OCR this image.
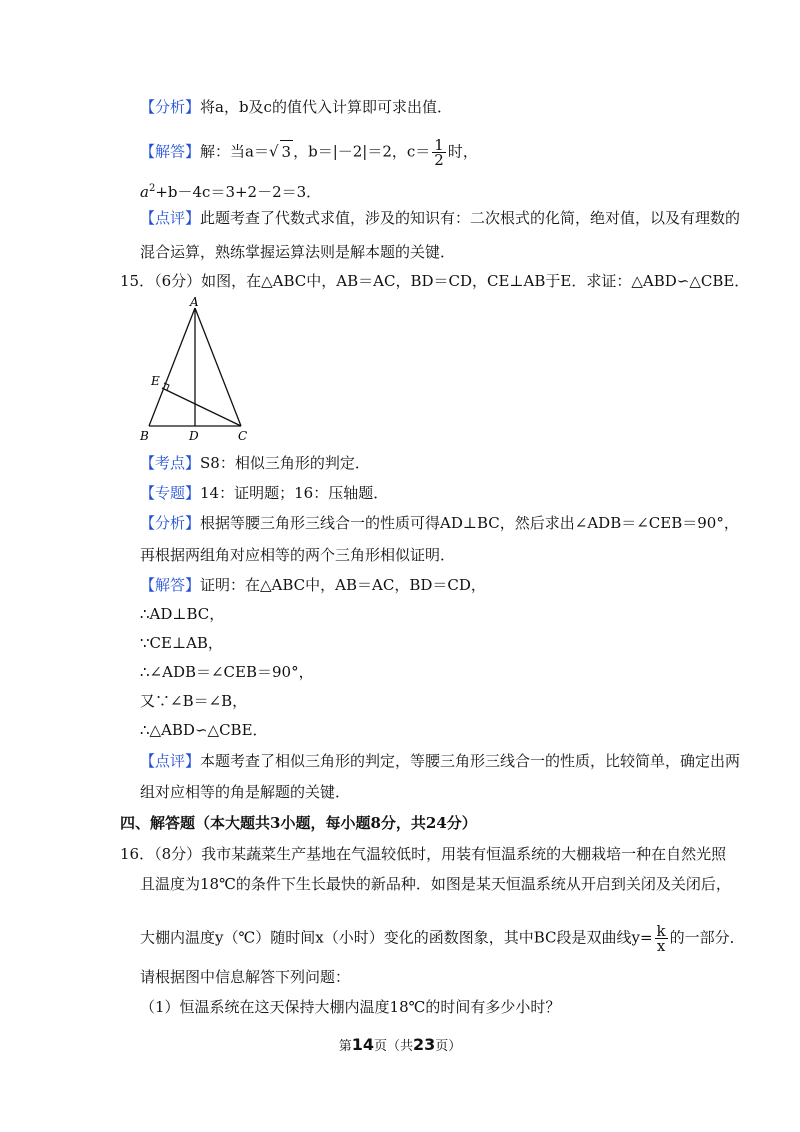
【分析】将a，b及c的值代入计算即可求出值．
【解答】解：当a＝√ 3 ，b＝|－2|＝2，$c= \frac{1}{2}$ 时，
$a^2+b-4c=3+2-2=3$．
【点评】此题考查了代数式求值，涉及的知识有：二次根式的化简，绝对值，以及有理数的
混合运算，熟练掌握运算法则是解本题的关键．
15．（6分）如图，在△ABC中，AB＝AC，BD＝CD，CE⊥AB于E．求证：△ABD∽△CBE．
A
E
B	D	C
【考点】S8：相似三角形的判定．
【专题】14：证明题；16：压轴题．
【分析】根据等腰三角形三线合一的性质可得AD⊥BC，然后求出∠ADB＝∠CEB＝90°，
再根据两组角对应相等的两个三角形相似证明．
【解答】证明：在△ABC中，AB＝AC，BD＝CD，
∴AD⊥BC，
∵CE⊥AB，
∴∠ADB＝∠CEB＝90°，
又∵∠B＝∠B，
∴△ABD∽△CBE．
【点评】本题考查了相似三角形的判定，等腰三角形三线合一的性质，比较简单，确定出两
组对应相等的角是解题的关键．
四、解答题（本大题共3小题，每小题8分，共24分）
16．（8分）我市某蔬菜生产基地在气温较低时，用装有恒温系统的大棚栽培一种在自然光照
且温度为18℃的条件下生长最快的新品种．如图是某天恒温系统从开启到关闭及关闭后，
大棚内温度y（℃）随时间x（小时）变化的函数图象，其中BC段是双曲线$y= \frac{k}{x}$ 的一部分．
请根据图中信息解答下列问题：
（1）恒温系统在这天保持大棚内温度18℃的时间有多少小时？
第14页（共23页）
